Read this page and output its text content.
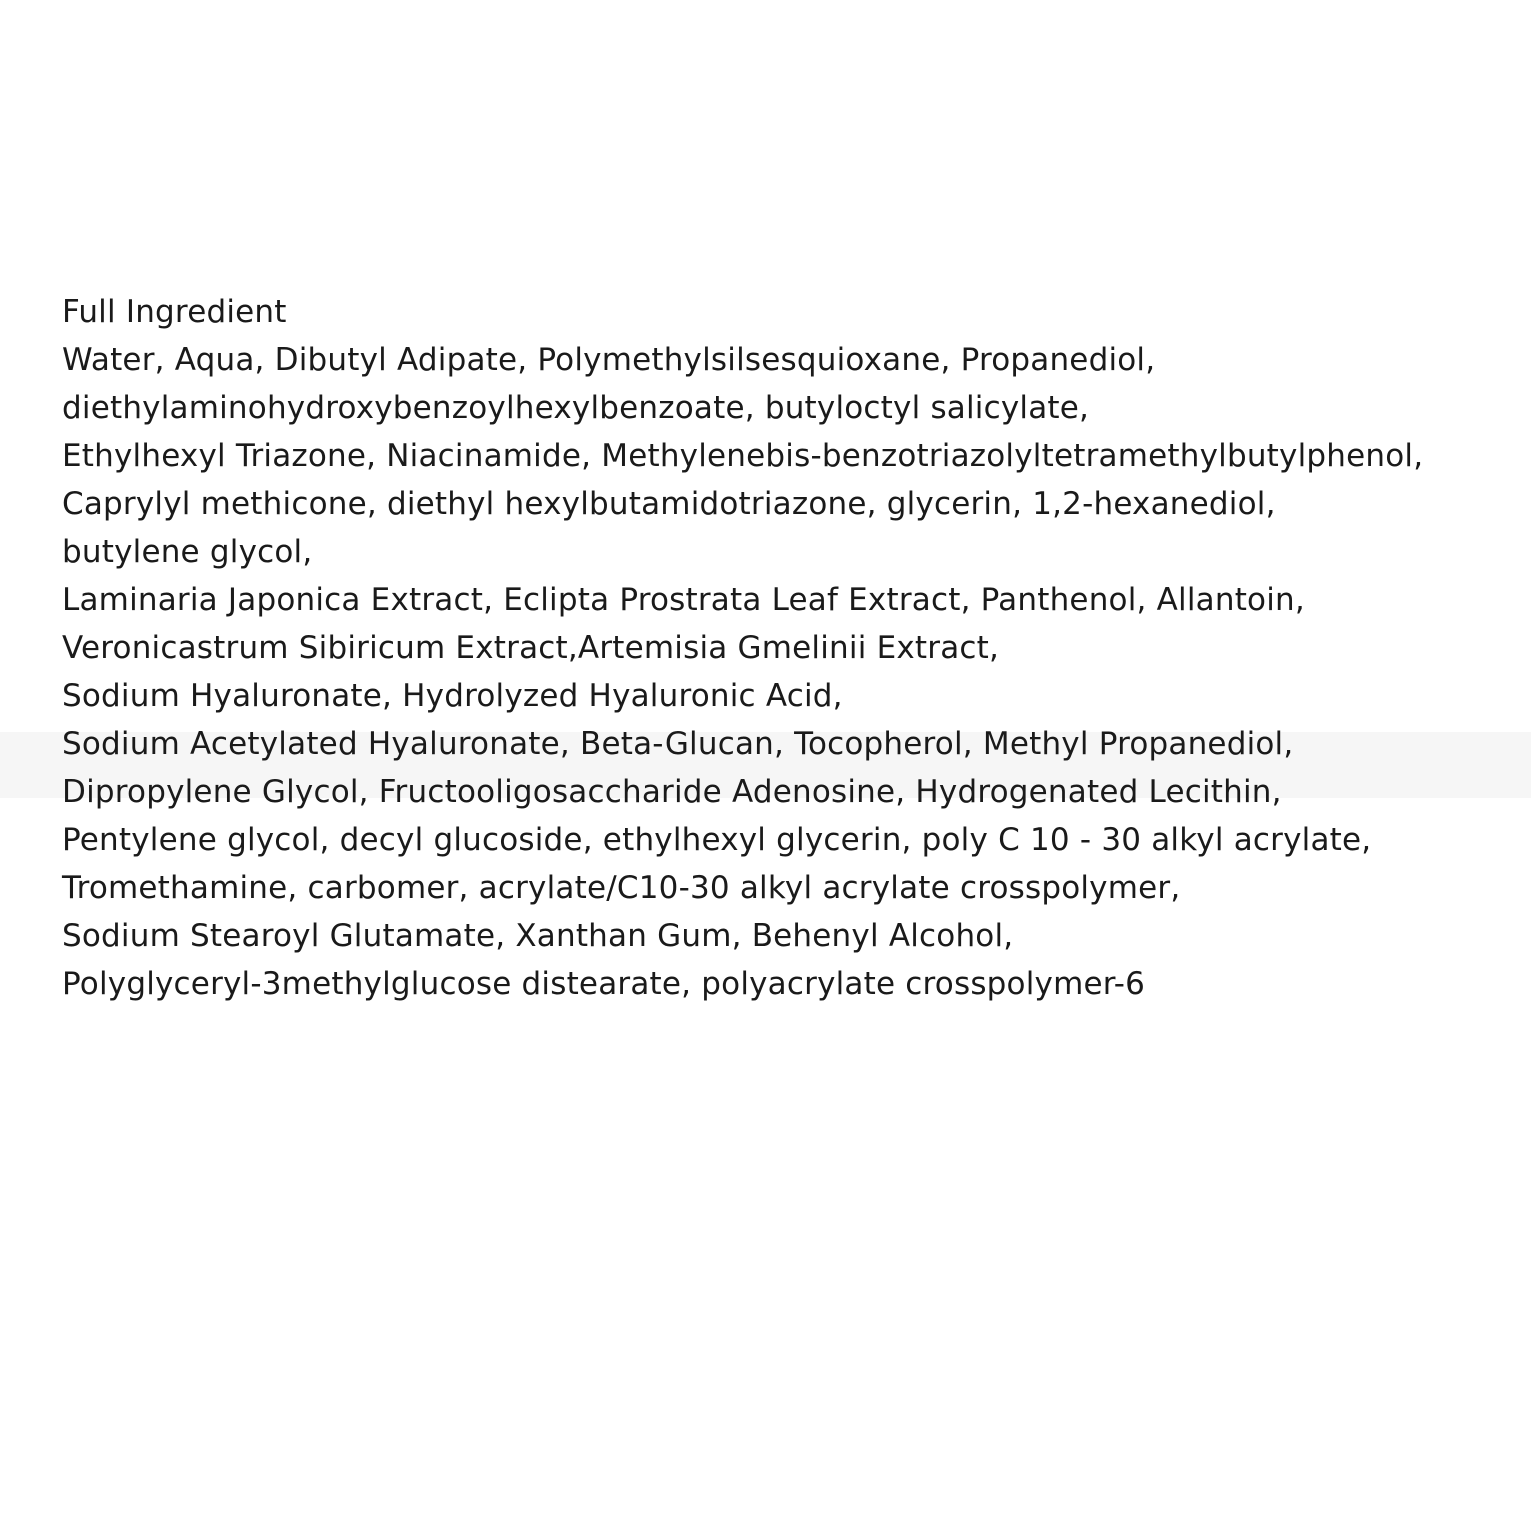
Full Ingredient
Water, Aqua, Dibutyl Adipate, Polymethylsilsesquioxane, Propanediol,
diethylaminohydroxybenzoylhexylbenzoate, butyloctyl salicylate,
Ethylhexyl Triazone, Niacinamide, Methylenebis-benzotriazolyltetramethylbutylphenol,
Caprylyl methicone, diethyl hexylbutamidotriazone, glycerin, 1,2-hexanediol,
butylene glycol,
Laminaria Japonica Extract, Eclipta Prostrata Leaf Extract, Panthenol, Allantoin,
Veronicastrum Sibiricum Extract,Artemisia Gmelinii Extract,
Sodium Hyaluronate, Hydrolyzed Hyaluronic Acid,
Sodium Acetylated Hyaluronate, Beta-Glucan, Tocopherol, Methyl Propanediol,
Dipropylene Glycol, Fructooligosaccharide Adenosine, Hydrogenated Lecithin,
Pentylene glycol, decyl glucoside, ethylhexyl glycerin, poly C 10 - 30 alkyl acrylate,
Tromethamine, carbomer, acrylate/C10-30 alkyl acrylate crosspolymer,
Sodium Stearoyl Glutamate, Xanthan Gum, Behenyl Alcohol,
Polyglyceryl-3methylglucose distearate, polyacrylate crosspolymer-6
